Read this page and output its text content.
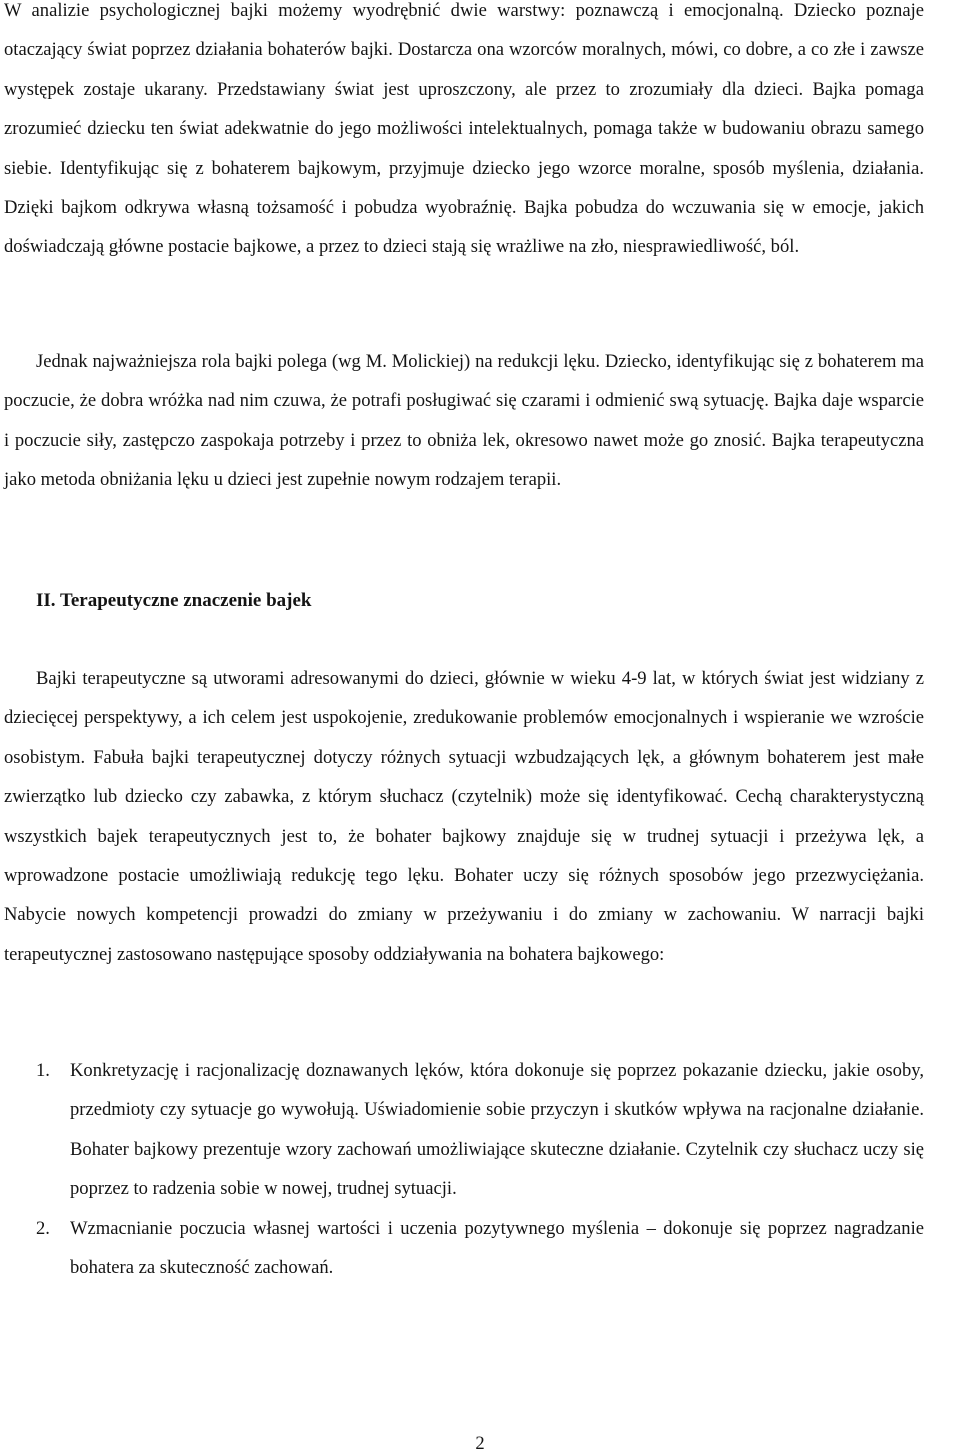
W analizie psychologicznej bajki możemy wyodrębnić dwie warstwy: poznawczą i emocjonalną. Dziecko poznaje otaczający świat poprzez działania bohaterów bajki. Dostarcza ona wzorców moralnych, mówi, co dobre, a co złe i zawsze występek zostaje ukarany. Przedstawiany świat jest uproszczony, ale przez to zrozumiały dla dzieci. Bajka pomaga zrozumieć dziecku ten świat adekwatnie do jego możliwości intelektualnych, pomaga także w budowaniu obrazu samego siebie. Identyfikując się z bohaterem bajkowym, przyjmuje dziecko jego wzorce moralne, sposób myślenia, działania. Dzięki bajkom odkrywa własną tożsamość i pobudza wyobraźnię. Bajka pobudza do wczuwania się w emocje, jakich doświadczają główne postacie bajkowe, a przez to dzieci stają się wrażliwe na zło, niesprawiedliwość, ból.

Jednak najważniejsza rola bajki polega (wg M. Molickiej) na redukcji lęku. Dziecko, identyfikując się z bohaterem ma poczucie, że dobra wróżka nad nim czuwa, że potrafi posługiwać się czarami i odmienić swą sytuację. Bajka daje wsparcie i poczucie siły, zastępczo zaspokaja potrzeby i przez to obniża lek, okresowo nawet może go znosić. Bajka terapeutyczna jako metoda obniżania lęku u dzieci jest zupełnie nowym rodzajem terapii.

II. Terapeutyczne znaczenie bajek

Bajki terapeutyczne są utworami adresowanymi do dzieci, głównie w wieku 4-9 lat, w których świat jest widziany z dziecięcej perspektywy, a ich celem jest uspokojenie, zredukowanie problemów emocjonalnych i wspieranie we wzroście osobistym. Fabuła bajki terapeutycznej dotyczy różnych sytuacji wzbudzających lęk, a głównym bohaterem jest małe zwierzątko lub dziecko czy zabawka, z którym słuchacz (czytelnik) może się identyfikować. Cechą charakterystyczną wszystkich bajek terapeutycznych jest to, że bohater bajkowy znajduje się w trudnej sytuacji i przeżywa lęk, a wprowadzone postacie umożliwiają redukcję tego lęku. Bohater uczy się różnych sposobów jego przezwyciężania. Nabycie nowych kompetencji prowadzi do zmiany w przeżywaniu i do zmiany w zachowaniu. W narracji bajki terapeutycznej zastosowano następujące sposoby oddziaływania na bohatera bajkowego:

1. Konkretyzację i racjonalizację doznawanych lęków, która dokonuje się poprzez pokazanie dziecku, jakie osoby, przedmioty czy sytuacje go wywołują. Uświadomienie sobie przyczyn i skutków wpływa na racjonalne działanie. Bohater bajkowy prezentuje wzory zachowań umożliwiające skuteczne działanie. Czytelnik czy słuchacz uczy się poprzez to radzenia sobie w nowej, trudnej sytuacji.
2. Wzmacnianie poczucia własnej wartości i uczenia pozytywnego myślenia – dokonuje się poprzez nagradzanie bohatera za skuteczność zachowań.
2
